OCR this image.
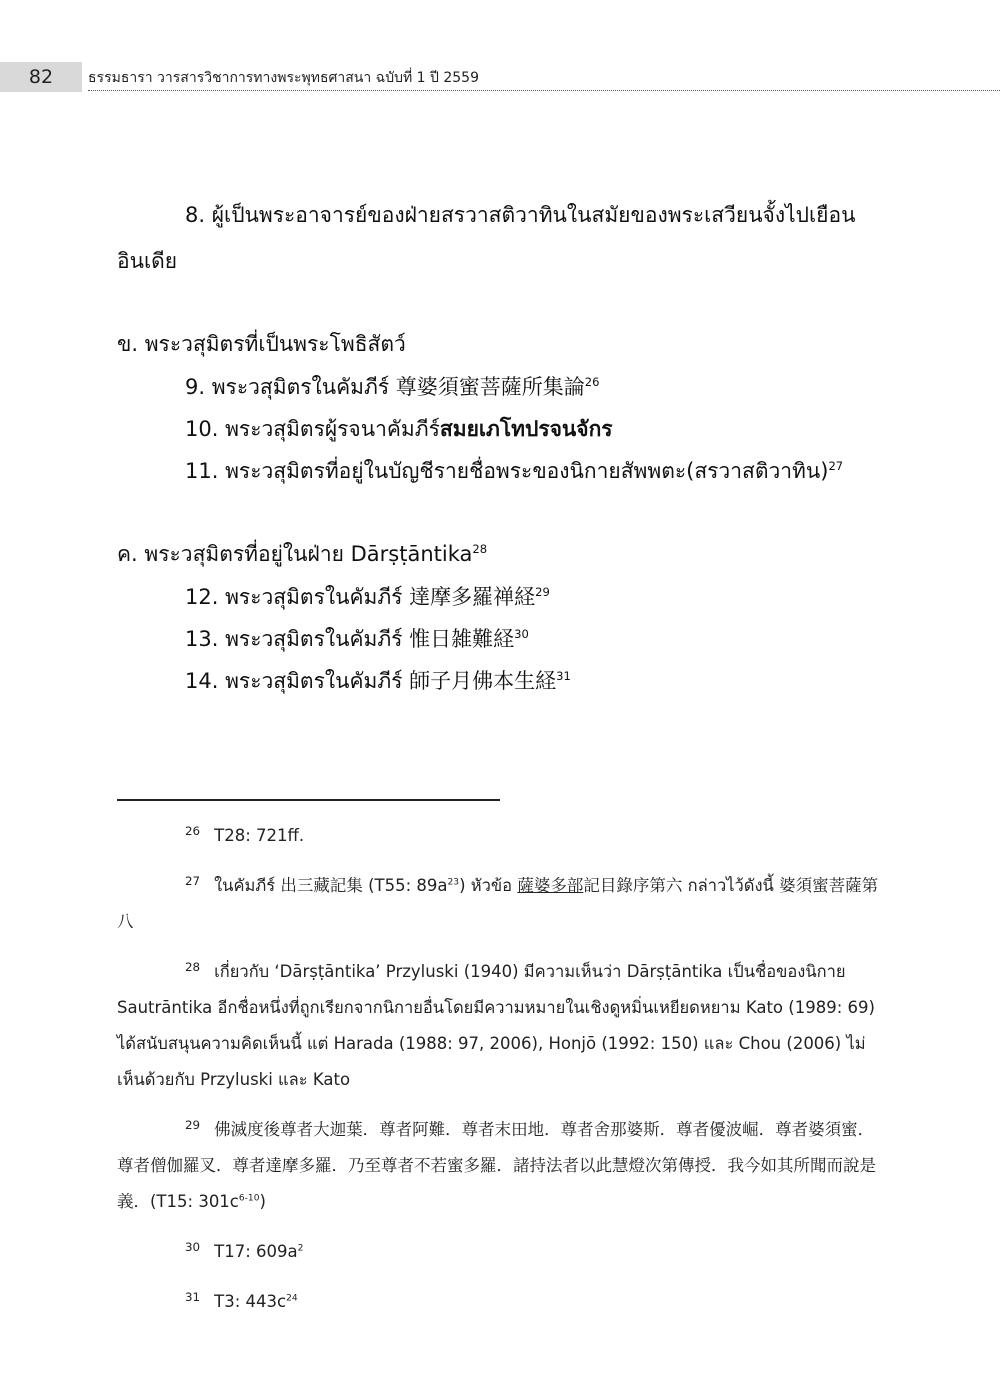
82	ธรรมธารา วารสารวิชาการทางพระพุทธศาสนา ฉบับที่ 1 ปี 2559

8. ผู้เป็นพระอาจารย์ของฝ่ายสรวาสติวาทินในสมัยของพระเสวียนจั้งไปเยือนอินเดีย

ข. พระวสุมิตรที่เป็นพระโพธิสัตว์

9. พระวสุมิตรในคัมภีร์ 尊婆須蜜菩薩所集論$^{26}$

10. พระวสุมิตรผู้รจนาคัมภีร์สมยเภโทปรจนจักร

11. พระวสุมิตรที่อยู่ในบัญชีรายชื่อพระของนิกายสัพพตะ(สรวาสติวาทิน)$^{27}$

ค. พระวสุมิตรที่อยู่ในฝ่าย Dārṣṭāntika$^{28}$

12. พระวสุมิตรในคัมภีร์ 達摩多羅禅経$^{29}$

13. พระวสุมิตรในคัมภีร์ 惟日雑難経$^{30}$

14. พระวสุมิตรในคัมภีร์ 師子月佛本生経$^{31}$

$^{26}$ T28: 721ff.

$^{27}$ ในคัมภีร์ 出三藏記集 (T55: $89a^{23}$) หัวข้อ 薩婆多部記目錄序第六 กล่าวไว้ดังนี้ 婆須蜜菩薩第八

$^{28}$ เกี่ยวกับ ‘Dārṣṭāntika’ Przyluski (1940) มีความเห็นว่า Dārṣṭāntika เป็นชื่อของนิกาย Sautrāntika อีกชื่อหนึ่งที่ถูกเรียกจากนิกายอื่นโดยมีความหมายในเชิงดูหมิ่นเหยียดหยาม Kato (1989: 69) ได้สนับสนุนความคิดเห็นนี้ แต่ Harada (1988: 97, 2006), Honjō (1992: 150) และ Chou (2006) ไม่เห็นด้วยกับ Przyluski และ Kato

$^{29}$ 佛滅度後尊者大迦葉．尊者阿難．尊者末田地．尊者舍那婆斯．尊者優波崛．尊者婆須蜜．尊者僧伽羅叉．尊者達摩多羅．乃至尊者不若蜜多羅．諸持法者以此慧燈次第傳授．我今如其所聞而說是義．(T15: $301c^{6-10}$)

$^{30}$ T17: $609a^2$

$^{31}$ T3: $443c^{24}$
